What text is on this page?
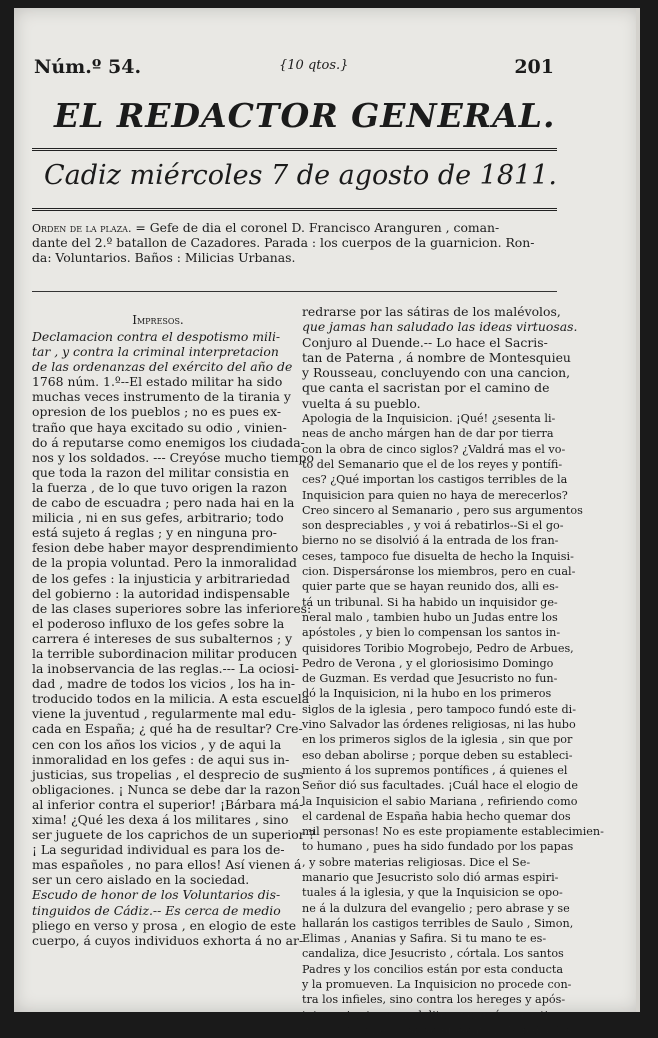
Núm.º 54.	{10 qtos.}	201
EL REDACTOR GENERAL.
Cadiz miércoles 7 de agosto de 1811.
Orden de la plaza. = Gefe de dia el coronel D. Francisco Aranguren , coman-
dante del 2.º batallon de Cazadores. Parada : los cuerpos de la guarnicion. Ron-
da: Voluntarios. Baños : Milicias Urbanas.
Impresos.
Declamacion contra el despotismo mili-
tar , y contra la criminal interpretacion
de las ordenanzas del exército del año de
1768 núm. 1.º--El estado militar ha sido
muchas veces instrumento de la tirania y
opresion de los pueblos ; no es pues ex-
traño que haya excitado su odio , vinien-
do á reputarse como enemigos los ciudada-
nos y los soldados. --- Creyóse mucho tiempo
que toda la razon del militar consistia en
la fuerza , de lo que tuvo origen la razon
de cabo de escuadra ; pero nada hai en la
milicia , ni en sus gefes, arbitrario; todo
está sujeto á reglas ; y en ninguna pro-
fesion debe haber mayor desprendimiento
de la propia voluntad. Pero la inmoralidad
de los gefes : la injusticia y arbitrariedad
del gobierno : la autoridad indispensable
de las clases superiores sobre las inferiores:
el poderoso influxo de los gefes sobre la
carrera é intereses de sus subalternos ; y
la terrible subordinacion militar producen
la inobservancia de las reglas.--- La ociosi-
dad , madre de todos los vicios , los ha in-
troducido todos en la milicia. A esta escuela
viene la juventud , regularmente mal edu-
cada en España; ¿ qué ha de resultar? Cre-
cen con los años los vicios , y de aqui la
inmoralidad en los gefes : de aqui sus in-
justicias, sus tropelias , el desprecio de sus
obligaciones. ¡ Nunca se debe dar la razon
al inferior contra el superior! ¡Bárbara má-
xima! ¿Qué les dexa á los militares , sino
ser juguete de los caprichos de un superior ?
¡ La seguridad individual es para los de-
mas españoles , no para ellos! Así vienen á
ser un cero aislado en la sociedad.
Escudo de honor de los Voluntarios dis-
tinguidos de Cádiz.-- Es cerca de medio
pliego en verso y prosa , en elogio de este
cuerpo, á cuyos individuos exhorta á no ar-
redrarse por las sátiras de los malévolos,
que jamas han saludado las ideas virtuosas.
Conjuro al Duende.-- Lo hace el Sacris-
tan de Paterna , á nombre de Montesquieu
y Rousseau, concluyendo con una cancion,
que canta el sacristan por el camino de
vuelta á su pueblo.
Apologia de la Inquisicion. ¡Qué! ¿sesenta li-
neas de ancho márgen han de dar por tierra
con la obra de cinco siglos? ¿Valdrá mas el vo-
to del Semanario que el de los reyes y pontífi-
ces? ¿Qué importan los castigos terribles de la
Inquisicion para quien no haya de merecerlos?
Creo sincero al Semanario , pero sus argumentos
son despreciables , y voi á rebatirlos--Si el go-
bierno no se disolvió á la entrada de los fran-
ceses, tampoco fue disuelta de hecho la Inquisi-
cion. Dispersáronse los miembros, pero en cual-
quier parte que se hayan reunido dos, alli es-
tá un tribunal. Si ha habido un inquisidor ge-
neral malo , tambien hubo un Judas entre los
apóstoles , y bien lo compensan los santos in-
quisidores Toribio Mogrobejo, Pedro de Arbues,
Pedro de Verona , y el gloriosisimo Domingo
de Guzman. Es verdad que Jesucristo no fun-
dó la Inquisicion, ni la hubo en los primeros
siglos de la iglesia , pero tampoco fundó este di-
vino Salvador las órdenes religiosas, ni las hubo
en los primeros siglos de la iglesia , sin que por
eso deban abolirse ; porque deben su estableci-
miento á los supremos pontífices , á quienes el
Señor dió sus facultades. ¡Cuál hace el elogio de
la Inquisicion el sabio Mariana , refiriendo como
el cardenal de España habia hecho quemar dos
mil personas! No es este propiamente establecimien-
to humano , pues ha sido fundado por los papas
, y sobre materias religiosas. Dice el Se-
manario que Jesucristo solo dió armas espiri-
tuales á la iglesia, y que la Inquisicion se opo-
ne á la dulzura del evangelio ; pero abrase y se
hallarán los castigos terribles de Saulo , Simon,
Elimas , Ananias y Safira. Si tu mano te es-
candaliza, dice Jesucristo , córtala. Los santos
Padres y los concilios están por esta conducta
y la promueven. La Inquisicion no procede con-
tra los infieles, sino contra los hereges y após-
tatas : si esto es un delito ¿ porqué no casti-
garlo? ¡Qué hermosa se presenta la España des-
